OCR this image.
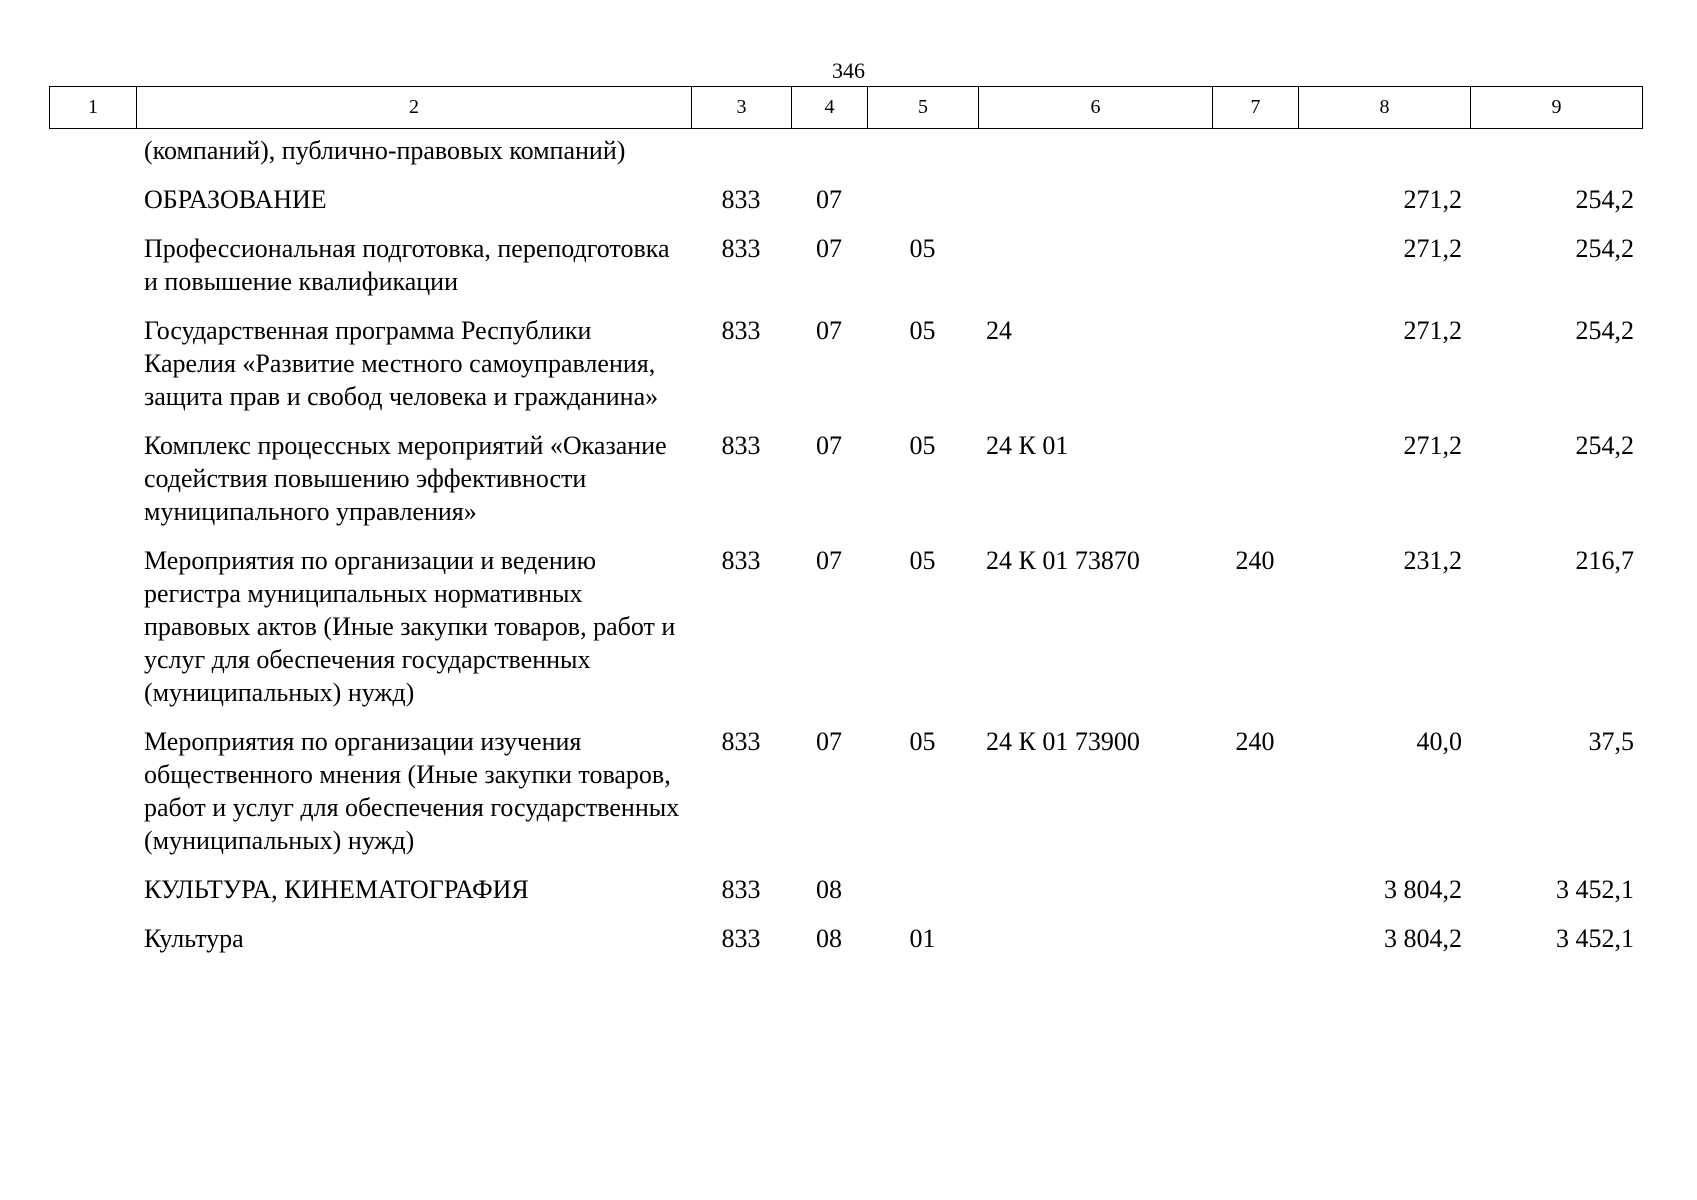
346
1	2	3	4	5	6	7	8	9
	(компаний), публично-правовых компаний)							
	ОБРАЗОВАНИЕ	833	07				271,2	254,2
	Профессиональная подготовка, переподготовка и повышение квалификации	833	07	05			271,2	254,2
	Государственная программа Республики Карелия «Развитие местного самоуправления, защита прав и свобод человека и гражданина»	833	07	05	24		271,2	254,2
	Комплекс процессных мероприятий «Оказание содействия повышению эффективности муниципального управления»	833	07	05	24 К 01		271,2	254,2
	Мероприятия по организации и ведению регистра муниципальных нормативных правовых актов (Иные закупки товаров, работ и услуг для обеспечения государственных (муниципальных) нужд)	833	07	05	24 К 01 73870	240	231,2	216,7
	Мероприятия по организации изучения общественного мнения (Иные закупки товаров, работ и услуг для обеспечения государственных (муниципальных) нужд)	833	07	05	24 К 01 73900	240	40,0	37,5
	КУЛЬТУРА, КИНЕМАТОГРАФИЯ	833	08				3 804,2	3 452,1
	Культура	833	08	01			3 804,2	3 452,1
